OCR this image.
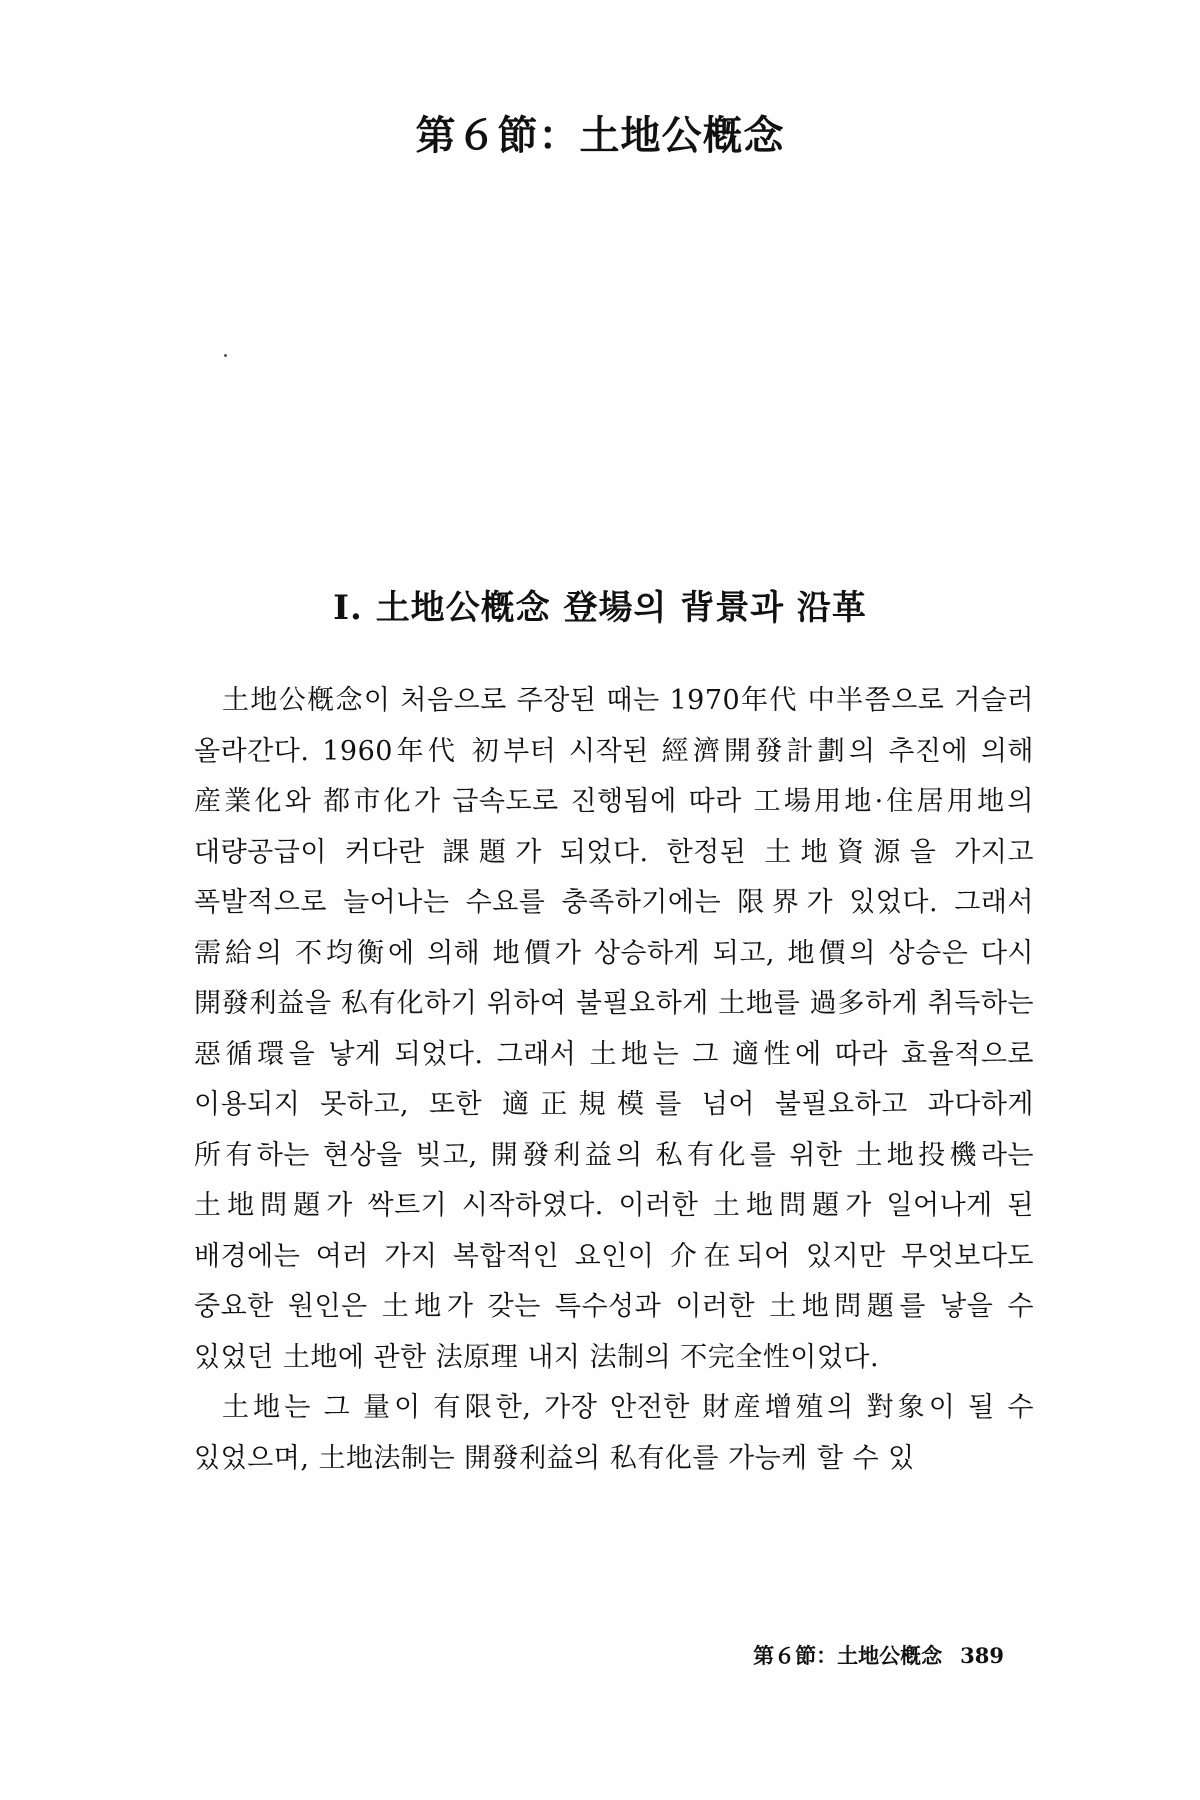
第６節：土地公槪念
Ⅰ. 土地公槪念 登場의 背景과 沿革

土地公槪念이 처음으로 주장된 때는 1970年代 中半쯤으로 거슬러 올라간다. 1960年代 初부터 시작된 經濟開發計劃의 추진에 의해 産業化와 都市化가 급속도로 진행됨에 따라 工場用地·住居用地의 대량공급이 커다란 課題가 되었다. 한정된 土地資源을 가지고 폭발적으로 늘어나는 수요를 충족하기에는 限界가 있었다. 그래서 需給의 不均衡에 의해 地價가 상승하게 되고, 地價의 상승은 다시 開發利益을 私有化하기 위하여 불필요하게 土地를 過多하게 취득하는 惡循環을 낳게 되었다. 그래서 土地는 그 適性에 따라 효율적으로 이용되지 못하고, 또한 適正規模를 넘어 불필요하고 과다하게 所有하는 현상을 빚고, 開發利益의 私有化를 위한 土地投機라는 土地問題가 싹트기 시작하였다. 이러한 土地問題가 일어나게 된 배경에는 여러 가지 복합적인 요인이 介在되어 있지만 무엇보다도 중요한 원인은 土地가 갖는 특수성과 이러한 土地問題를 낳을 수 있었던 土地에 관한 法原理 내지 法制의 不完全性이었다.

土地는 그 量이 有限한, 가장 안전한 財産增殖의 對象이 될 수 있었으며, 土地法制는 開發利益의 私有化를 가능케 할 수 있

第６節：土地公槪念 389
